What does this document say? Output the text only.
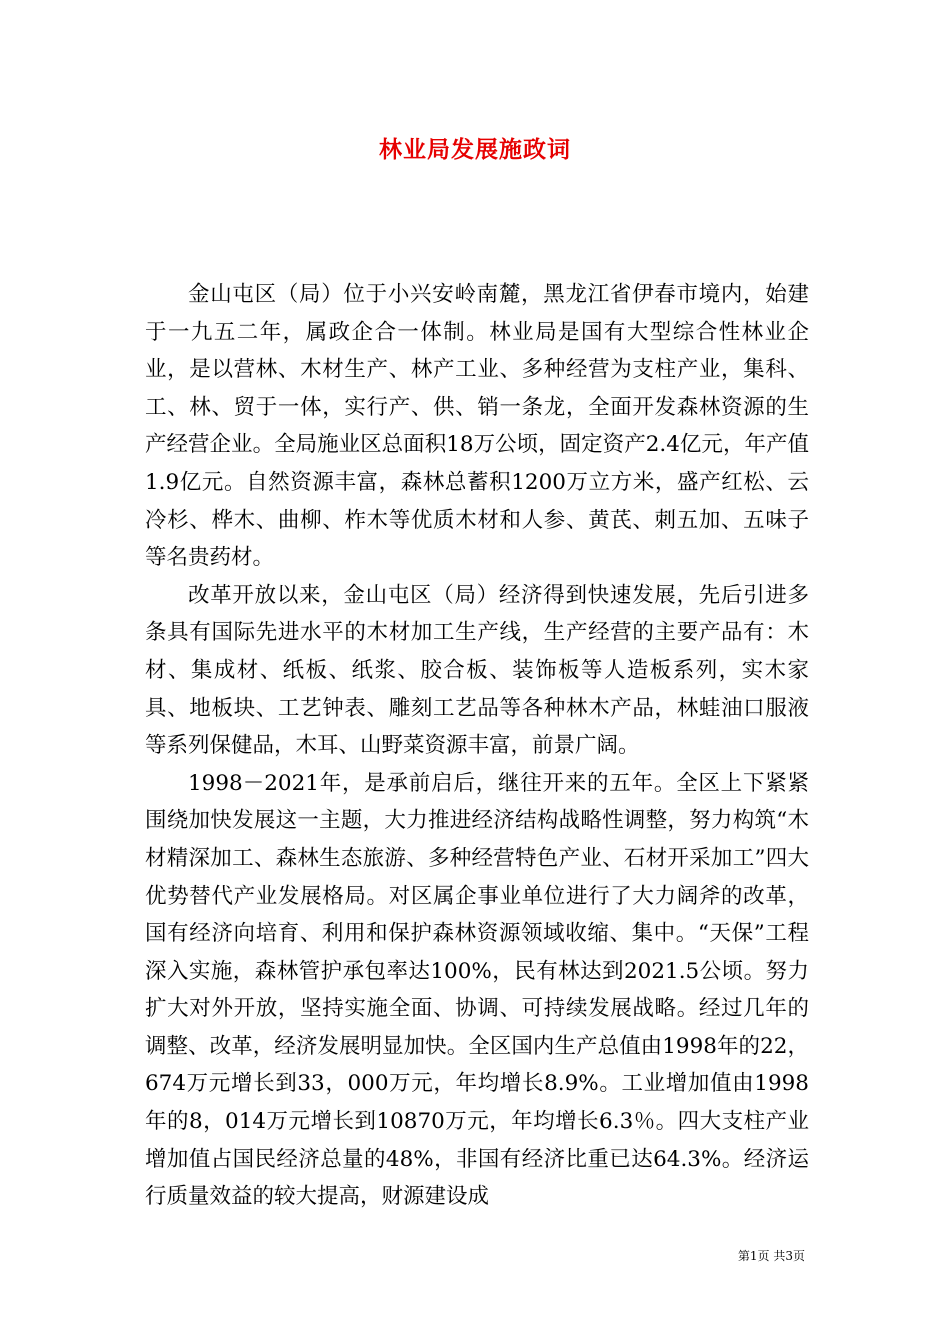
林业局发展施政词

金山屯区（局）位于小兴安岭南麓，黑龙江省伊春市境内，始建于一九五二年，属政企合一体制。林业局是国有大型综合性林业企业，是以营林、木材生产、林产工业、多种经营为支柱产业，集科、工、林、贸于一体，实行产、供、销一条龙，全面开发森林资源的生产经营企业。全局施业区总面积18万公顷，固定资产2.4亿元，年产值1.9亿元。自然资源丰富，森林总蓄积1200万立方米，盛产红松、云冷杉、桦木、曲柳、柞木等优质木材和人参、黄芪、刺五加、五味子等名贵药材。

改革开放以来，金山屯区（局）经济得到快速发展，先后引进多条具有国际先进水平的木材加工生产线，生产经营的主要产品有：木材、集成材、纸板、纸浆、胶合板、装饰板等人造板系列，实木家具、地板块、工艺钟表、雕刻工艺品等各种林木产品，林蛙油口服液等系列保健品，木耳、山野菜资源丰富，前景广阔。

1998－2021年，是承前启后，继往开来的五年。全区上下紧紧围绕加快发展这一主题，大力推进经济结构战略性调整，努力构筑“木材精深加工、森林生态旅游、多种经营特色产业、石材开采加工”四大优势替代产业发展格局。对区属企事业单位进行了大力阔斧的改革，国有经济向培育、利用和保护森林资源领域收缩、集中。“天保”工程深入实施，森林管护承包率达100%，民有林达到2021.5公顷。努力扩大对外开放，坚持实施全面、协调、可持续发展战略。经过几年的调整、改革，经济发展明显加快。全区国内生产总值由1998年的22，674万元增长到33，000万元，年均增长8.9%。工业增加值由1998年的8，014万元增长到10870万元，年均增长6.3％。四大支柱产业增加值占国民经济总量的48%，非国有经济比重已达64.3%。经济运行质量效益的较大提高，财源建设成

第1页 共3页
